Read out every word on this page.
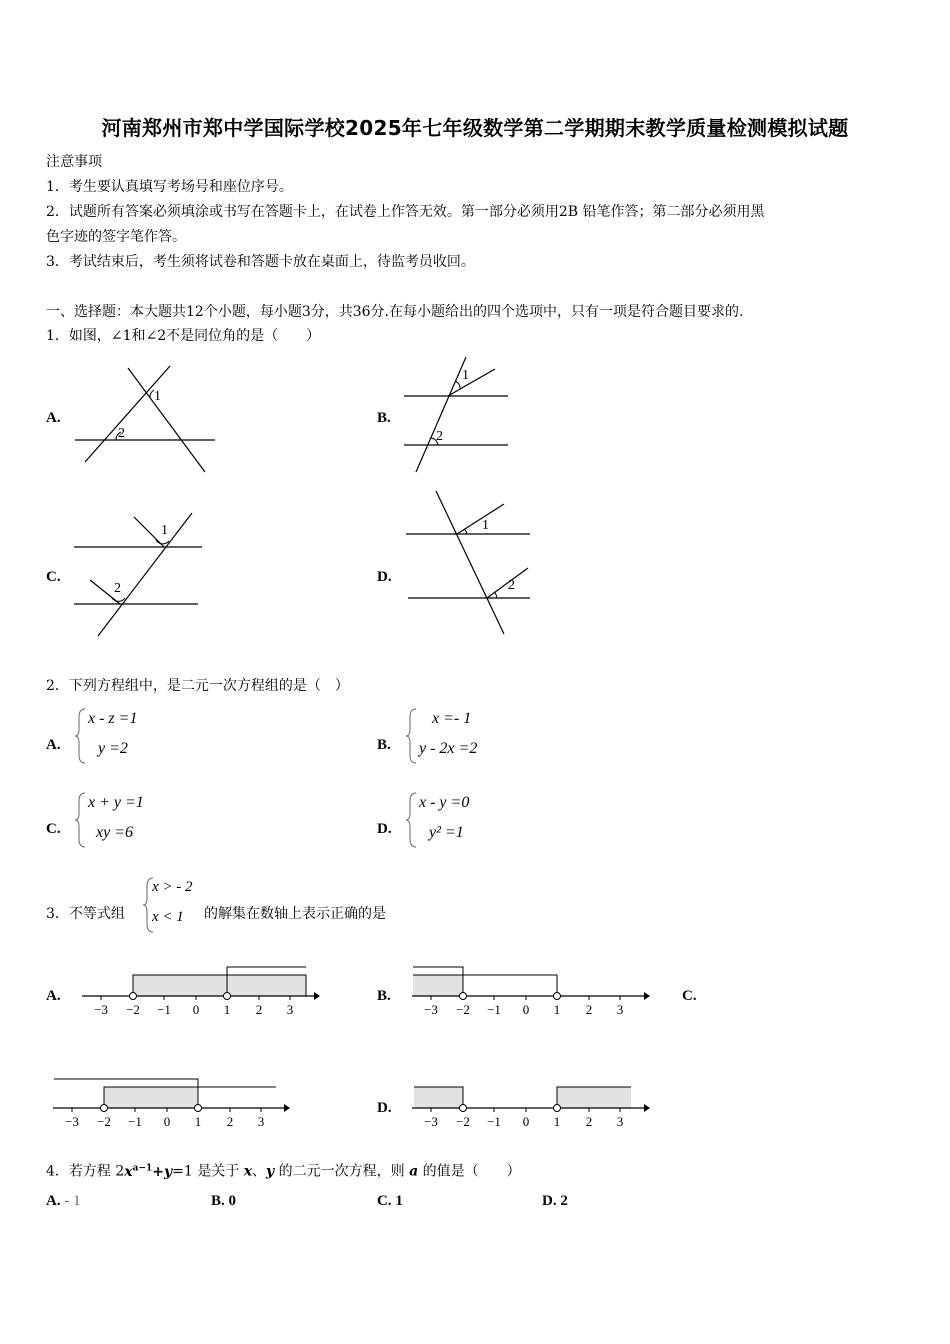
河南郑州市郑中学国际学校2025年七年级数学第二学期期末教学质量检测模拟试题
注意事项
1．考生要认真填写考场号和座位序号。
2．试题所有答案必须填涂或书写在答题卡上，在试卷上作答无效。第一部分必须用2B 铅笔作答；第二部分必须用黑
色字迹的签字笔作答。
3．考试结束后，考生须将试卷和答题卡放在桌面上，待监考员收回。
一、选择题：本大题共12个小题，每小题3分，共36分.在每小题给出的四个选项中，只有一项是符合题目要求的.
1．如图，∠1和∠2不是同位角的是（　　）
A.
1
2
B.
1
2
C.
1
2
D.
1
2
2．下列方程组中，是二元一次方程组的是（　）
A.
x - z =1
y =2	B.
x =- 1
y - 2x =2
C.
x + y =1
xy =6	D.
x - y =0
y² =1
3．不等式组
x > - 2
x < 1 的解集在数轴上表示正确的是
A.
−3 −2 −1 0 1 2 3
B.
−3 −2 −1 0 1 2 3
C.
−3 −2 −1 0 1 2 3
D.
−3 −2 −1 0 1 2 3
4．若方程 $2x^{a-1}+y=1$ 是关于 x、y 的二元一次方程，则 a 的值是（　　）
A. - 1	B. 0	C. 1	D. 2
